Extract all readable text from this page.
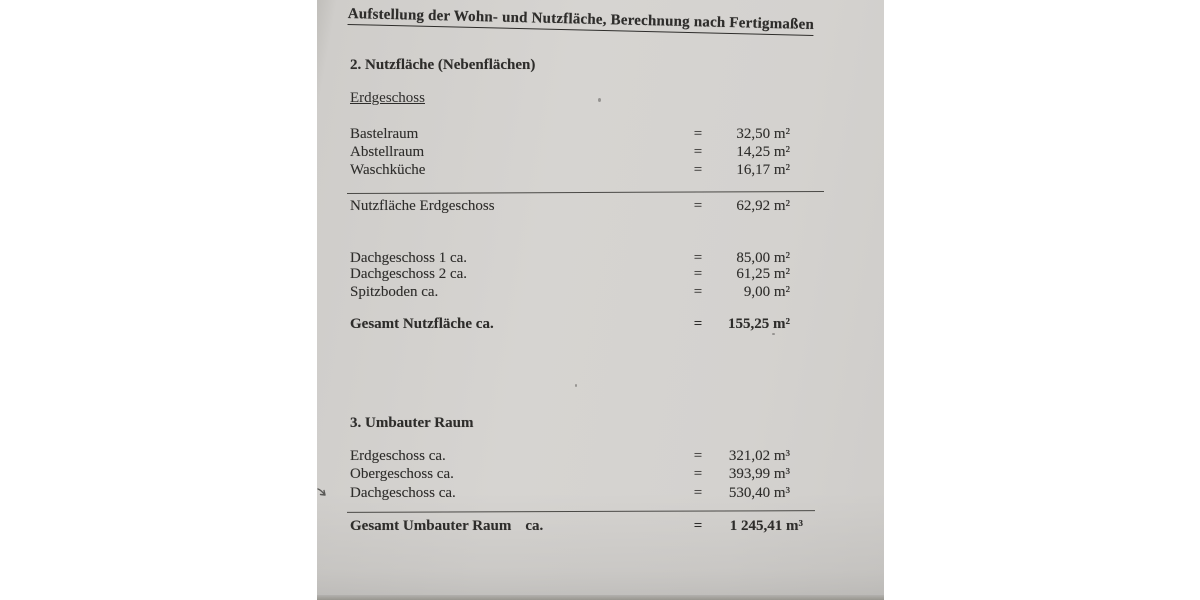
Aufstellung der Wohn- und Nutzfläche, Berechnung nach Fertigmaßen
2. Nutzfläche (Nebenflächen)
Erdgeschoss
Bastelraum	=	32,50 m²
Abstellraum	=	14,25 m²
Waschküche	=	16,17 m²
Nutzfläche Erdgeschoss	=	62,92 m²
Dachgeschoss 1 ca.	=	85,00 m²
Dachgeschoss 2 ca.	=	61,25 m²
Spitzboden ca.	=	9,00 m²
Gesamt Nutzfläche ca.	=	155,25 m²
3. Umbauter Raum
Erdgeschoss ca.	=	321,02 m³
Obergeschoss ca.	=	393,99 m³
Dachgeschoss ca.	=	530,40 m³
Gesamt Umbauter Raum ca.	=	1 245,41 m³
